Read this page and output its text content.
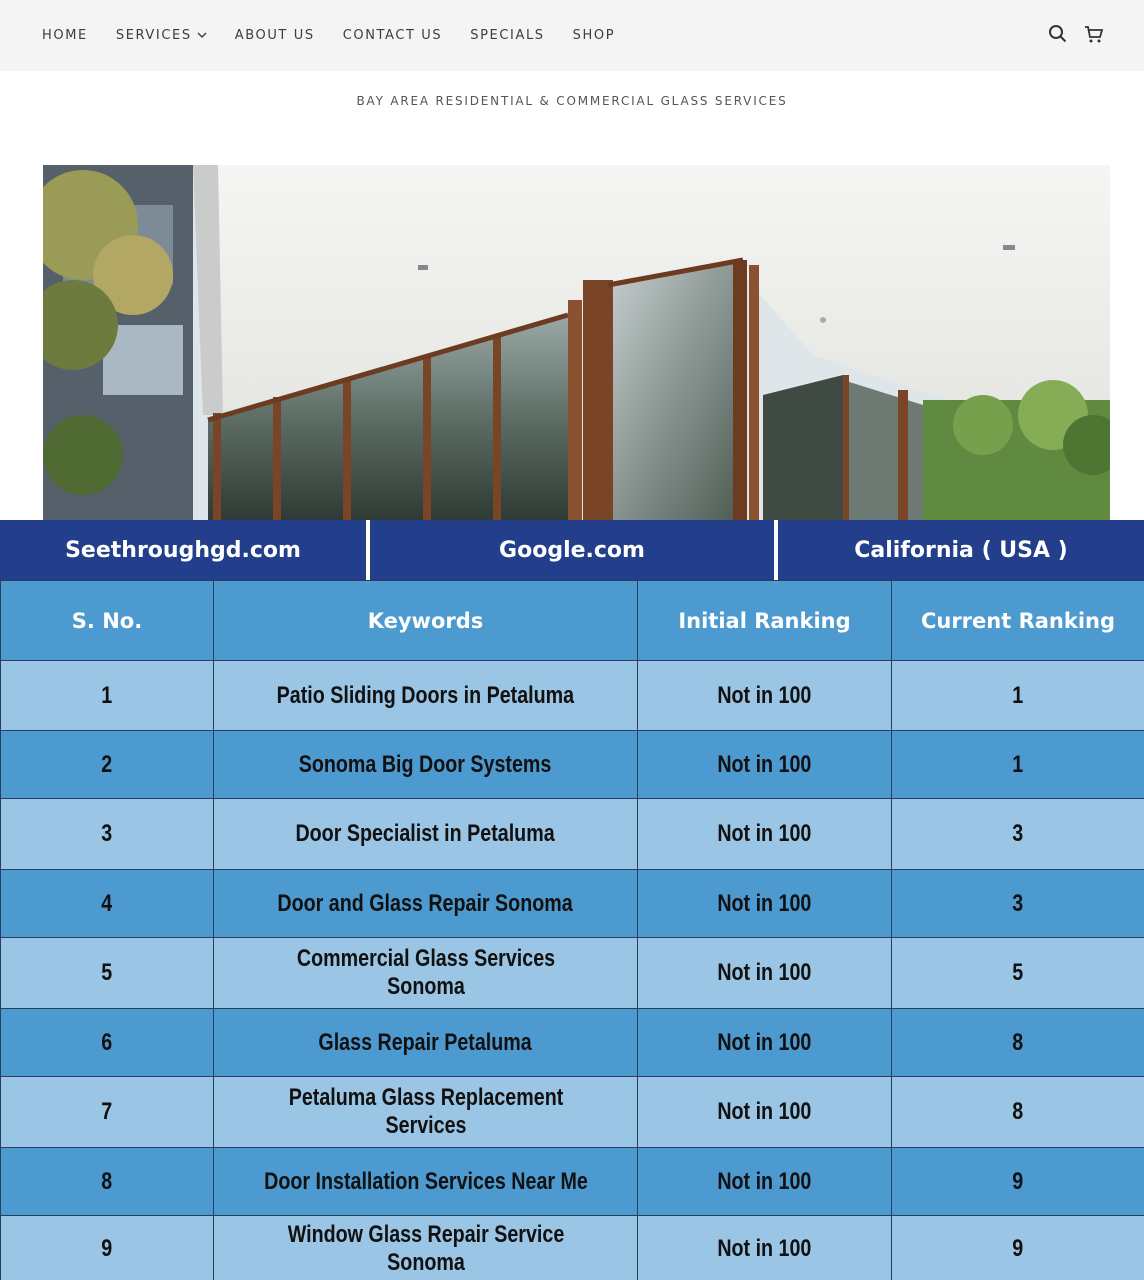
HOME SERVICES	ABOUT US CONTACT US SPECIALS SHOP
BAY AREA RESIDENTIAL & COMMERCIAL GLASS SERVICES
Seethroughgd.com	Google.com	California ( USA )
S. No.	Keywords	Initial Ranking	Current Ranking
1	Patio Sliding Doors in Petaluma	Not in 100	1
2	Sonoma Big Door Systems	Not in 100	1
3	Door Specialist in Petaluma	Not in 100	3
4	Door and Glass Repair Sonoma	Not in 100	3
5	Commercial Glass Services Sonoma	Not in 100	5
6	Glass Repair Petaluma	Not in 100	8
7	Petaluma Glass Replacement Services	Not in 100	8
8	Door Installation Services Near Me	Not in 100	9
9	Window Glass Repair Service Sonoma	Not in 100	9
